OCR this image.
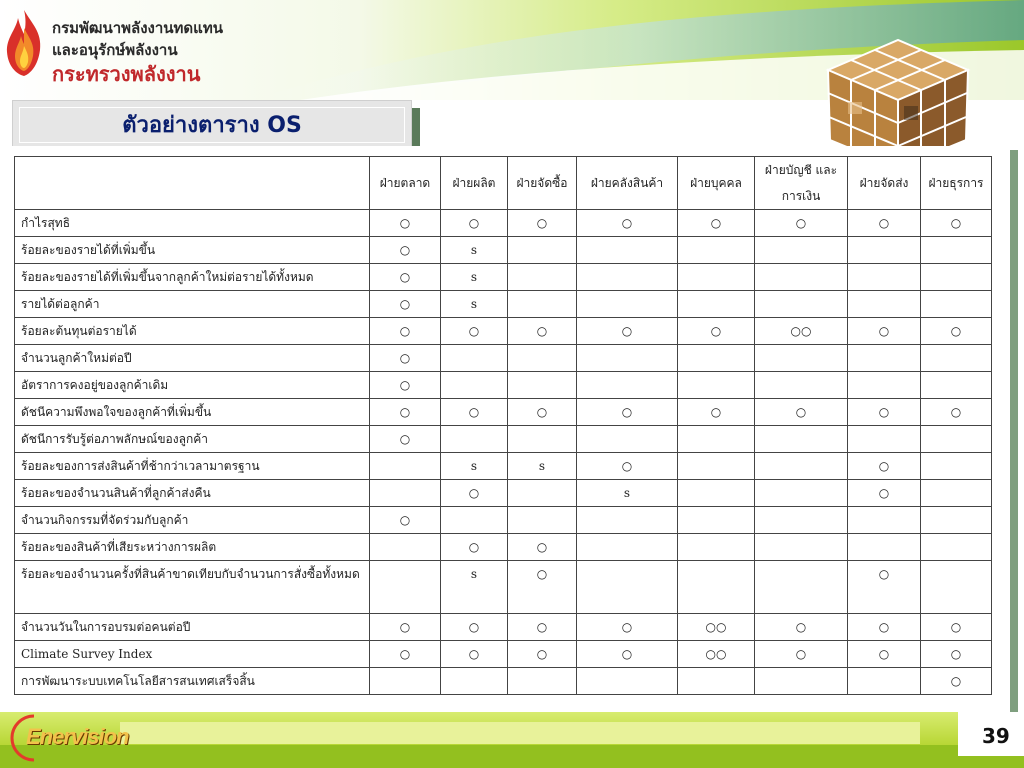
กรมพัฒนาพลังงานทดแทน
และอนุรักษ์พลังงาน
กระทรวงพลังงาน
ตัวอย่างตาราง OS
	ฝ่ายตลาด	ฝ่ายผลิต	ฝ่ายจัดซื้อ	ฝ่ายคลังสินค้า	ฝ่ายบุคคล	ฝ่ายบัญชี และการเงิน	ฝ่ายจัดส่ง	ฝ่ายธุรการ
กำไรสุทธิ	○	○	○	○	○	○	○	○
ร้อยละของรายได้ที่เพิ่มขึ้น	○	s						
ร้อยละของรายได้ที่เพิ่มขึ้นจากลูกค้าใหม่ต่อรายได้ทั้งหมด	○	s						
รายได้ต่อลูกค้า	○	s						
ร้อยละต้นทุนต่อรายได้	○	○	○	○	○	○○	○	○
จำนวนลูกค้าใหม่ต่อปี	○							
อัตราการคงอยู่ของลูกค้าเดิม	○							
ดัชนีความพึงพอใจของลูกค้าที่เพิ่มขึ้น	○	○	○	○	○	○	○	○
ดัชนีการรับรู้ต่อภาพลักษณ์ของลูกค้า	○							
ร้อยละของการส่งสินค้าที่ช้ากว่าเวลามาตรฐาน		s	s	○			○	
ร้อยละของจำนวนสินค้าที่ลูกค้าส่งคืน		○		s			○	
จำนวนกิจกรรมที่จัดร่วมกับลูกค้า	○							
ร้อยละของสินค้าที่เสียระหว่างการผลิต		○	○					
ร้อยละของจำนวนครั้งที่สินค้าขาดเทียบกับจำนวนการสั่งซื้อทั้งหมด		s	○				○	
จำนวนวันในการอบรมต่อคนต่อปี	○	○	○	○	○○	○	○	○
Climate Survey Index	○	○	○	○	○○	○	○	○
การพัฒนาระบบเทคโนโลยีสารสนเทศเสร็จสิ้น								○
39
Enervision
